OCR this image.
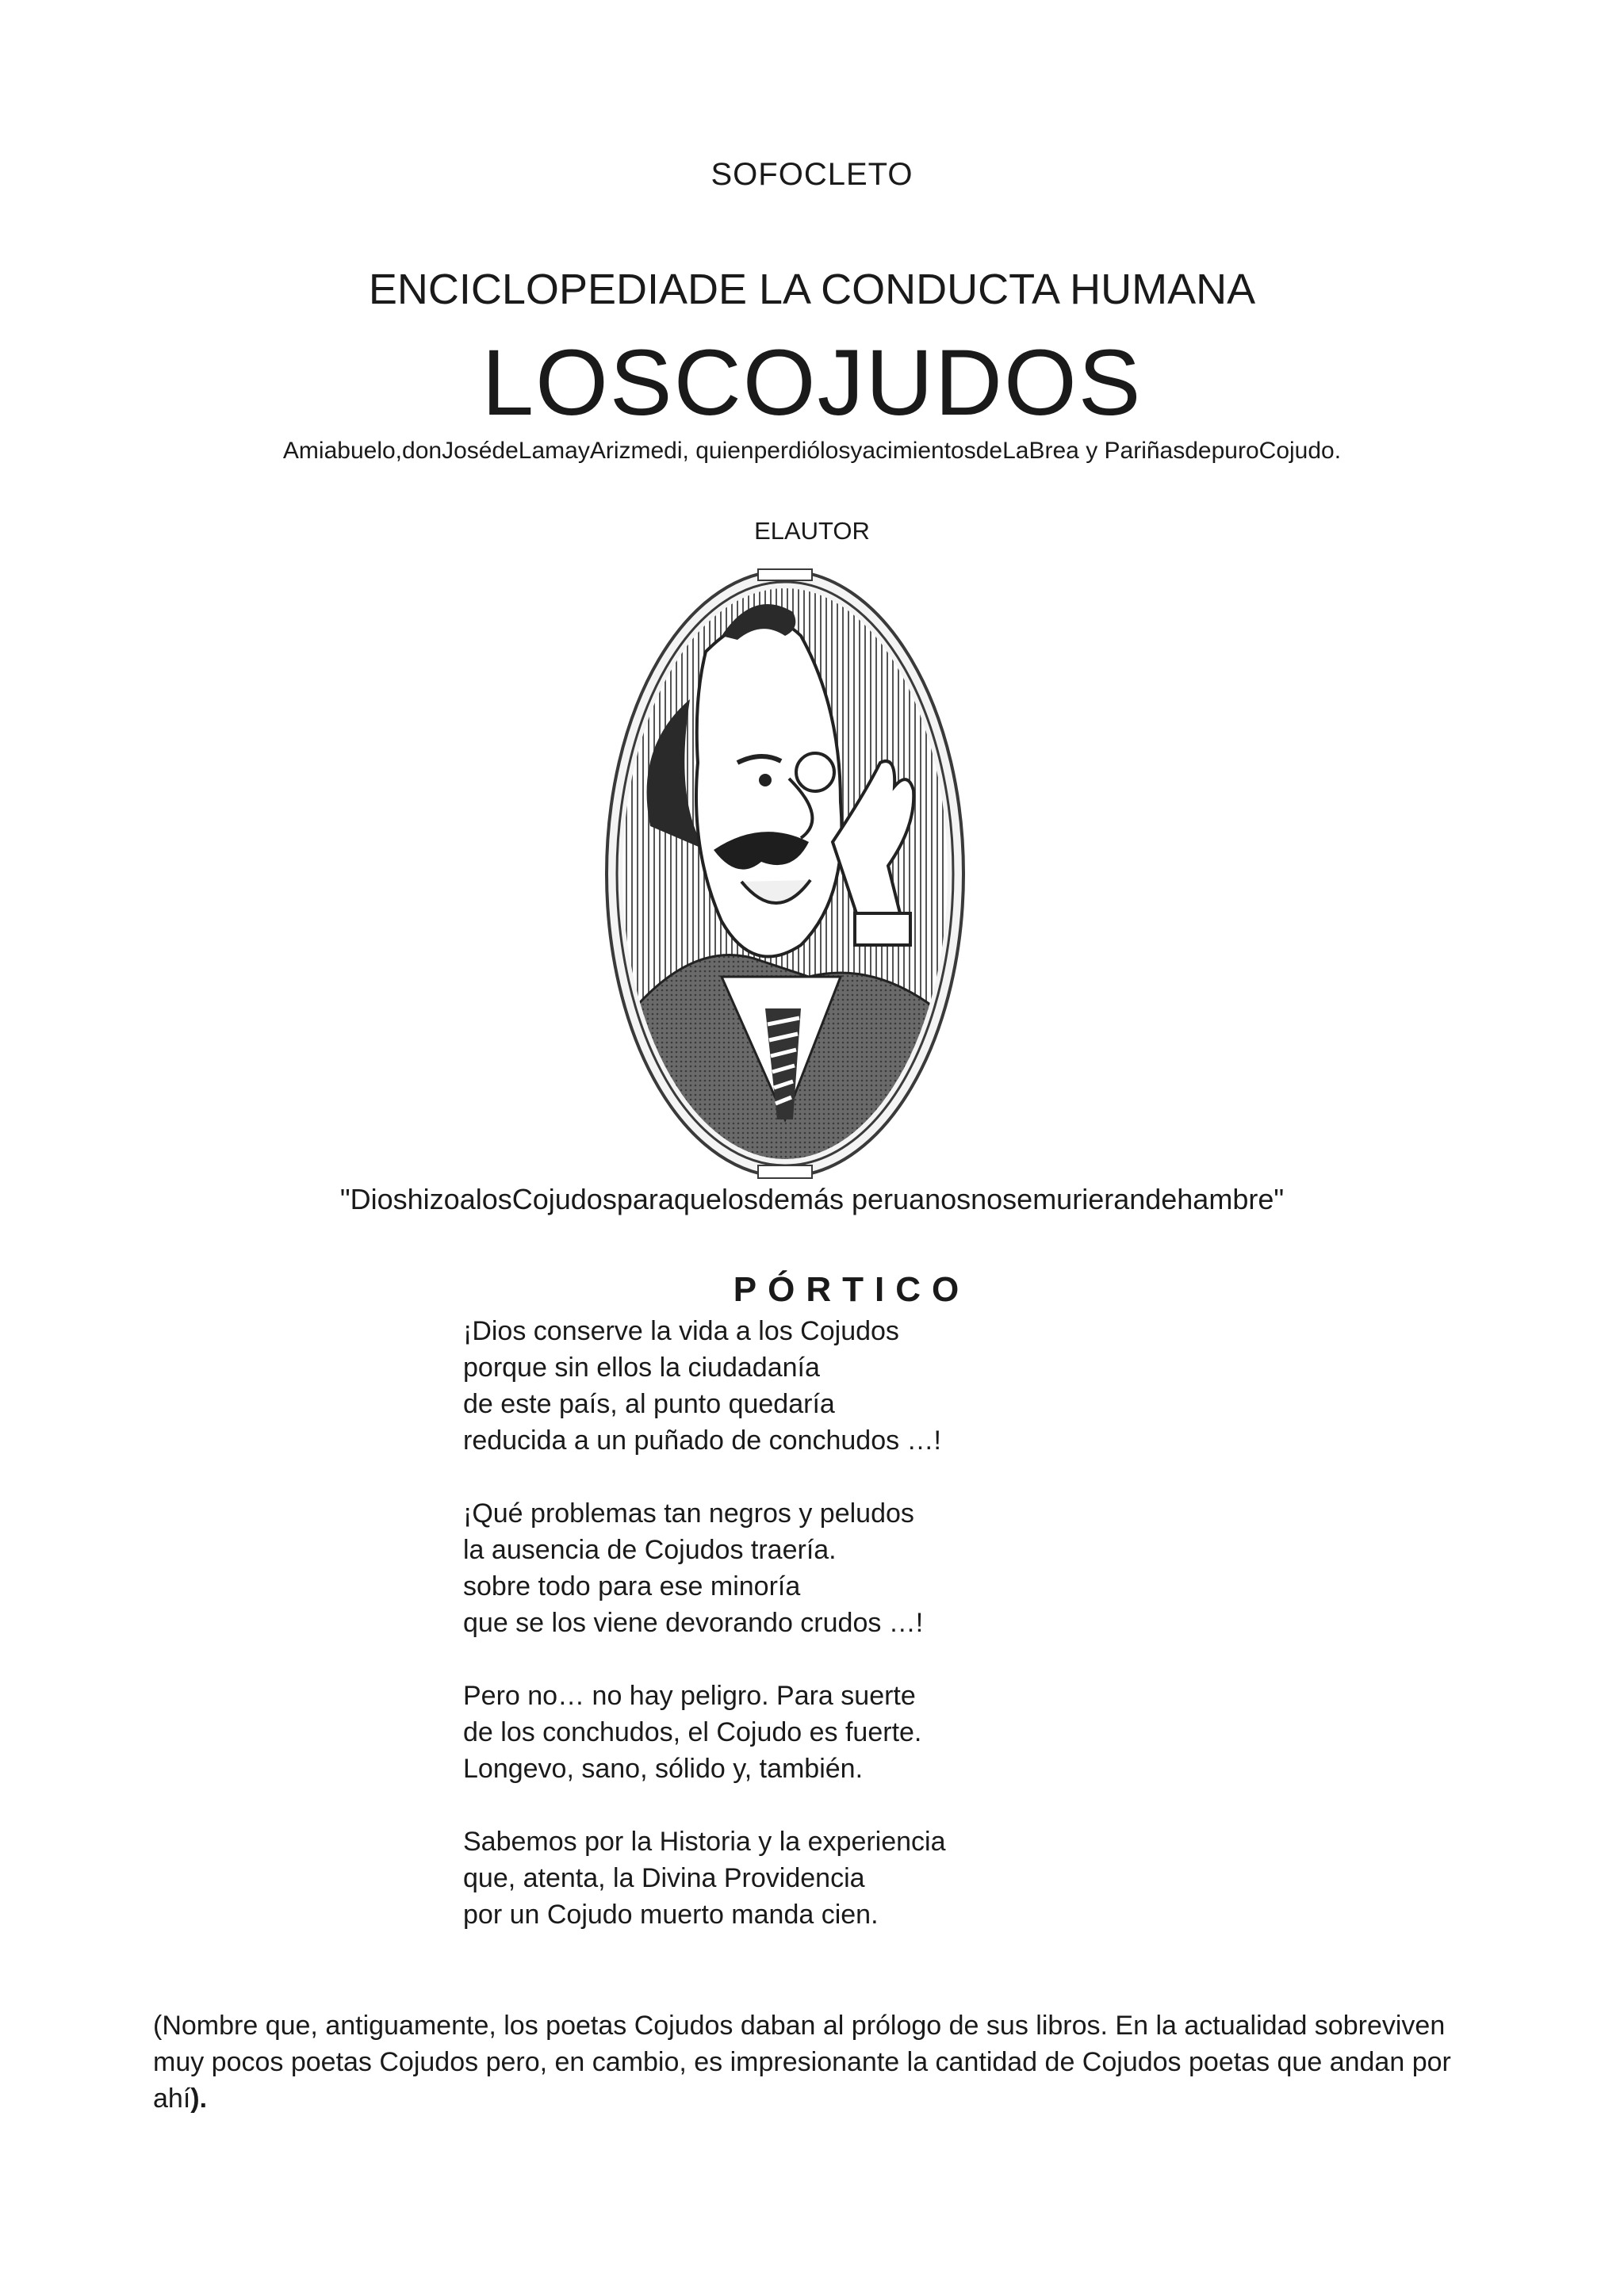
SOFOCLETO
ENCICLOPEDIADE LA CONDUCTA HUMANA
LOSCOJUDOS
Amiabuelo,donJosédeLamayArizmedi, quienperdiólosyacimientosdeLaBrea y PariñasdepuroCojudo.
ELAUTOR
"DioshizoalosCojudosparaquelosdemás peruanosnosemurierandehambre"
PÓRTICO
¡Dios conserve la vida a los Cojudos
porque sin ellos la ciudadanía
de este país, al punto quedaría
reducida a un puñado de conchudos …!
¡Qué problemas tan negros y peludos
la ausencia de Cojudos traería.
sobre todo para ese minoría
que se los viene devorando crudos …!
Pero no… no hay peligro. Para suerte
de los conchudos, el Cojudo es fuerte.
Longevo, sano, sólido y, también.
Sabemos por la Historia y la experiencia
que, atenta, la Divina Providencia
por un Cojudo muerto manda cien.
(Nombre que, antiguamente, los poetas Cojudos daban al prólogo de sus libros. En la actualidad sobreviven muy pocos poetas Cojudos pero, en cambio, es impresionante la cantidad de Cojudos poetas que andan por ahí).
